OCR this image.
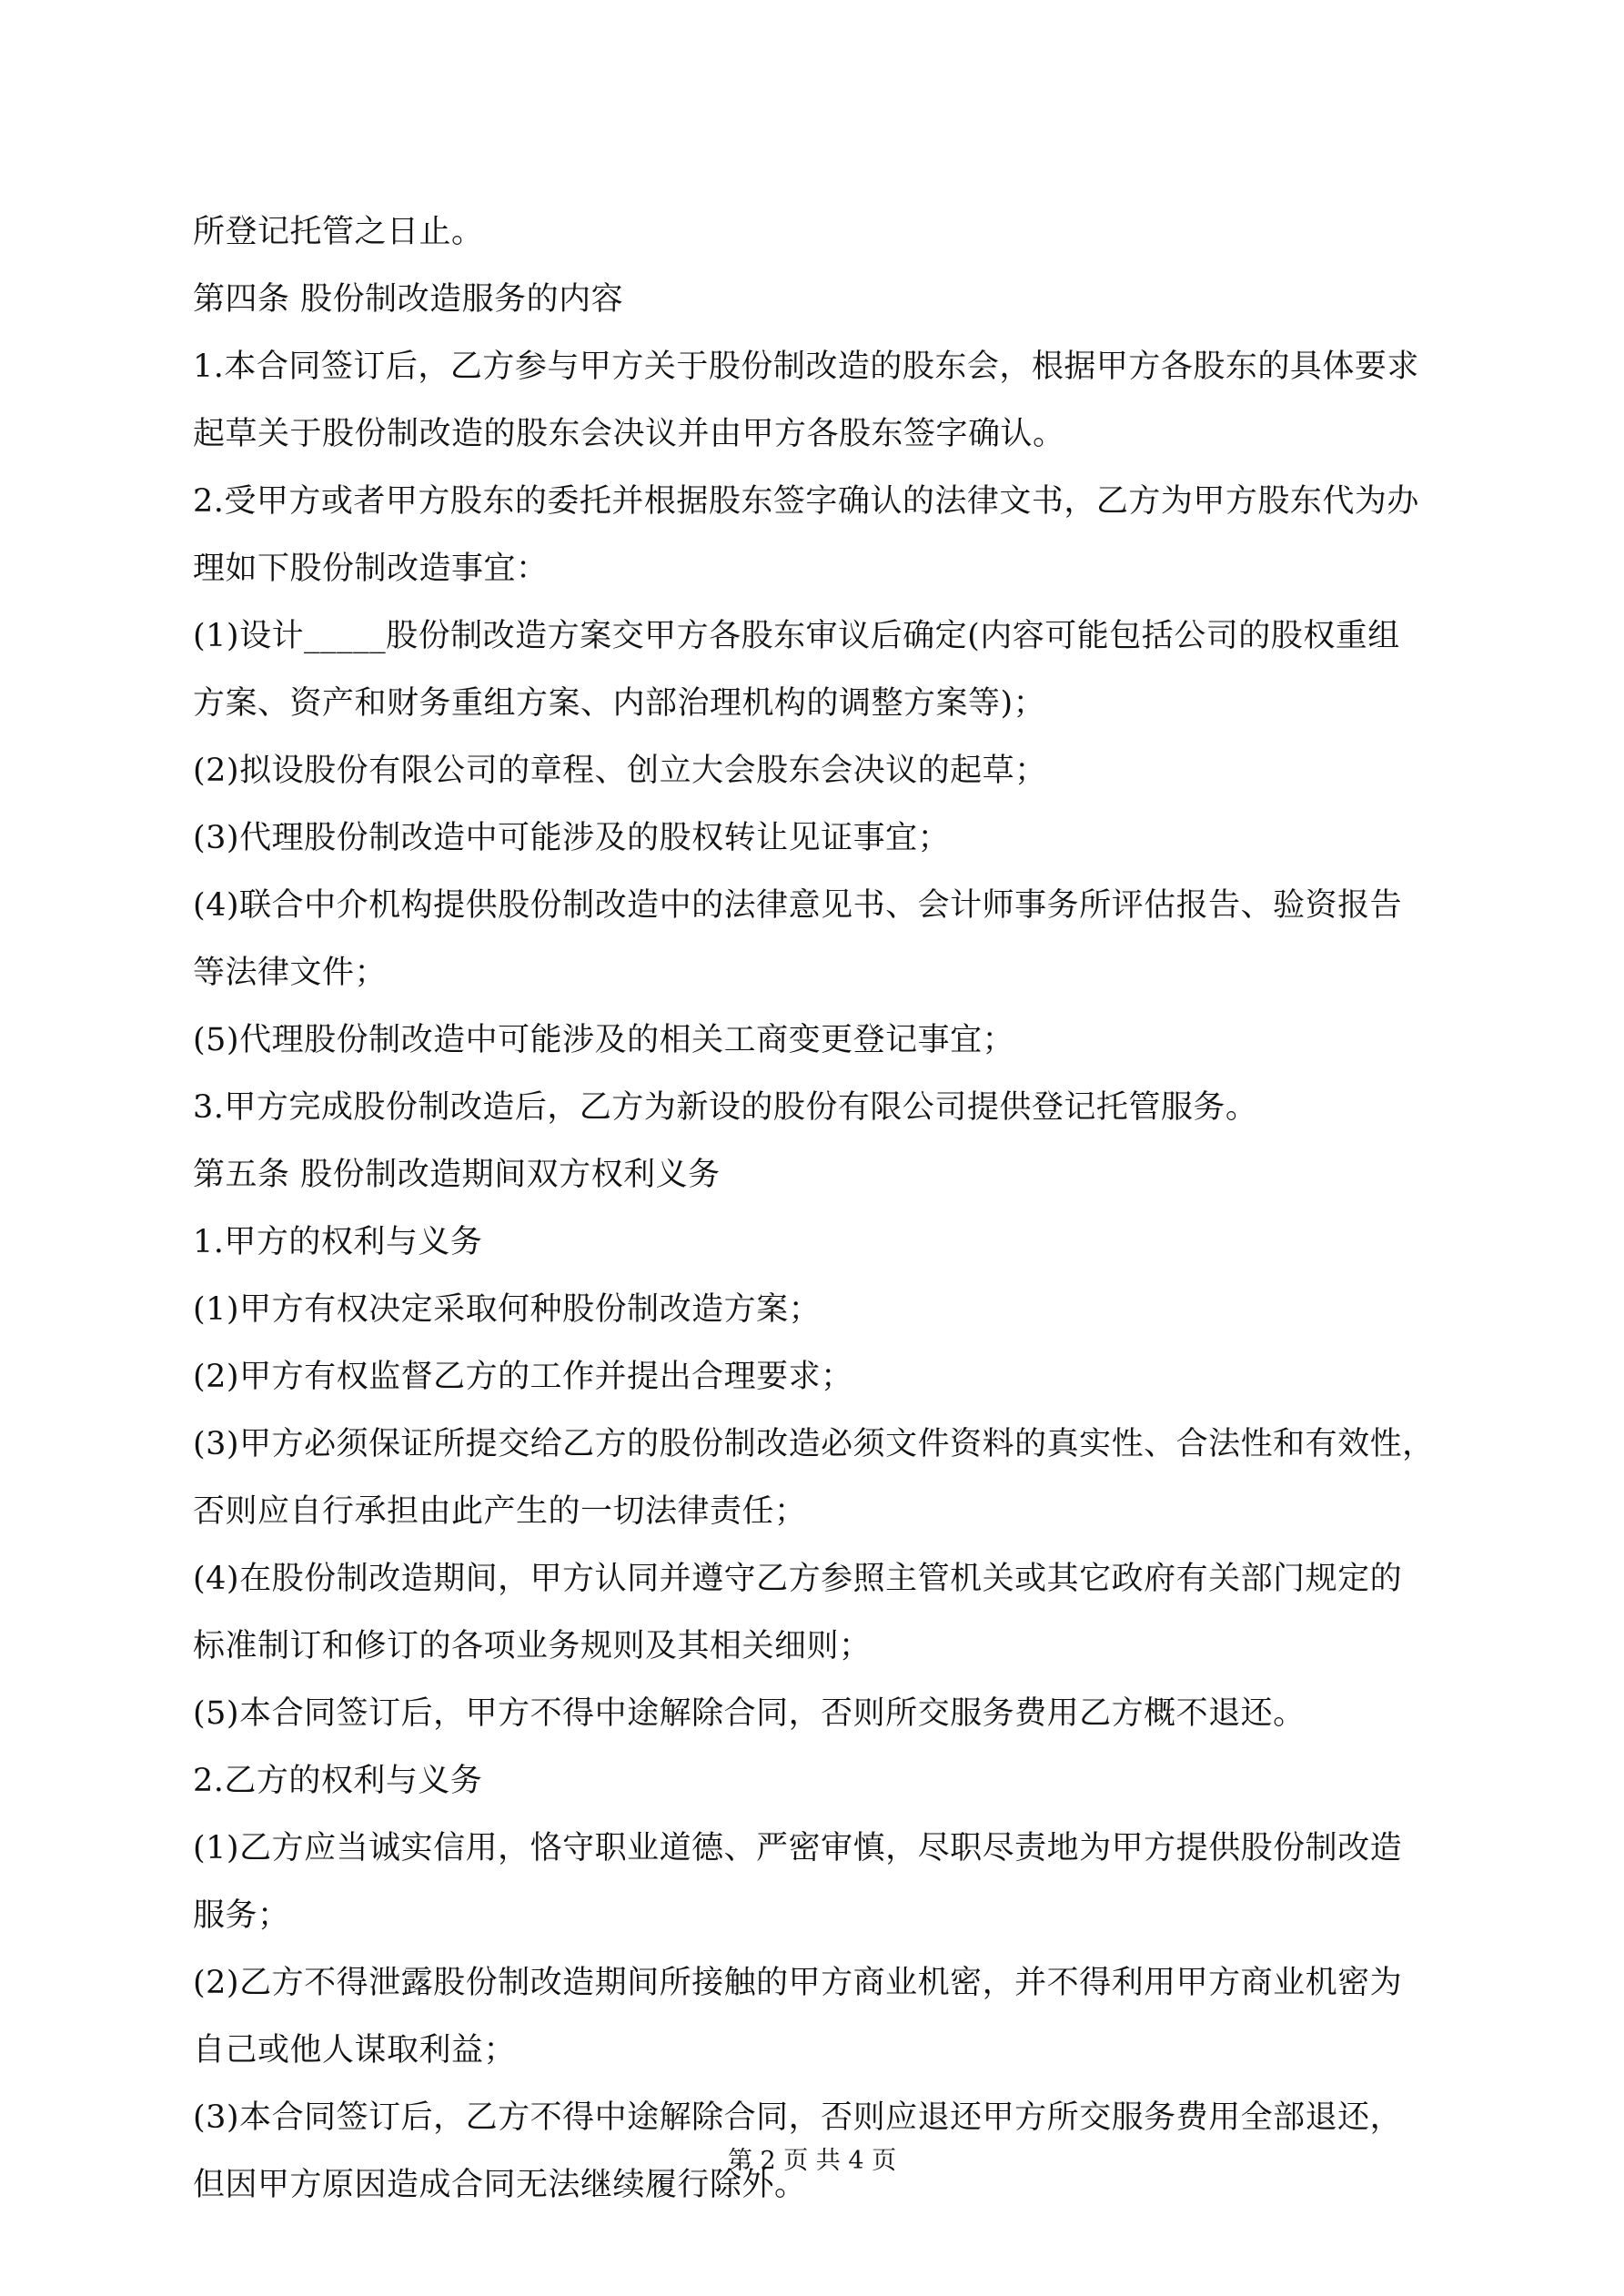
所登记托管之日止。
第四条 股份制改造服务的内容
1.本合同签订后，乙方参与甲方关于股份制改造的股东会，根据甲方各股东的具体要求
起草关于股份制改造的股东会决议并由甲方各股东签字确认。
2.受甲方或者甲方股东的委托并根据股东签字确认的法律文书，乙方为甲方股东代为办
理如下股份制改造事宜：
(1)设计_____股份制改造方案交甲方各股东审议后确定(内容可能包括公司的股权重组
方案、资产和财务重组方案、内部治理机构的调整方案等)；
(2)拟设股份有限公司的章程、创立大会股东会决议的起草；
(3)代理股份制改造中可能涉及的股权转让见证事宜；
(4)联合中介机构提供股份制改造中的法律意见书、会计师事务所评估报告、验资报告
等法律文件；
(5)代理股份制改造中可能涉及的相关工商变更登记事宜；
3.甲方完成股份制改造后，乙方为新设的股份有限公司提供登记托管服务。
第五条 股份制改造期间双方权利义务
1.甲方的权利与义务
(1)甲方有权决定采取何种股份制改造方案；
(2)甲方有权监督乙方的工作并提出合理要求；
(3)甲方必须保证所提交给乙方的股份制改造必须文件资料的真实性、合法性和有效性，
否则应自行承担由此产生的一切法律责任；
(4)在股份制改造期间，甲方认同并遵守乙方参照主管机关或其它政府有关部门规定的
标准制订和修订的各项业务规则及其相关细则；
(5)本合同签订后，甲方不得中途解除合同，否则所交服务费用乙方概不退还。
2.乙方的权利与义务
(1)乙方应当诚实信用，恪守职业道德、严密审慎，尽职尽责地为甲方提供股份制改造
服务；
(2)乙方不得泄露股份制改造期间所接触的甲方商业机密，并不得利用甲方商业机密为
自己或他人谋取利益；
(3)本合同签订后，乙方不得中途解除合同，否则应退还甲方所交服务费用全部退还，
但因甲方原因造成合同无法继续履行除外。
第 2 页 共 4 页
